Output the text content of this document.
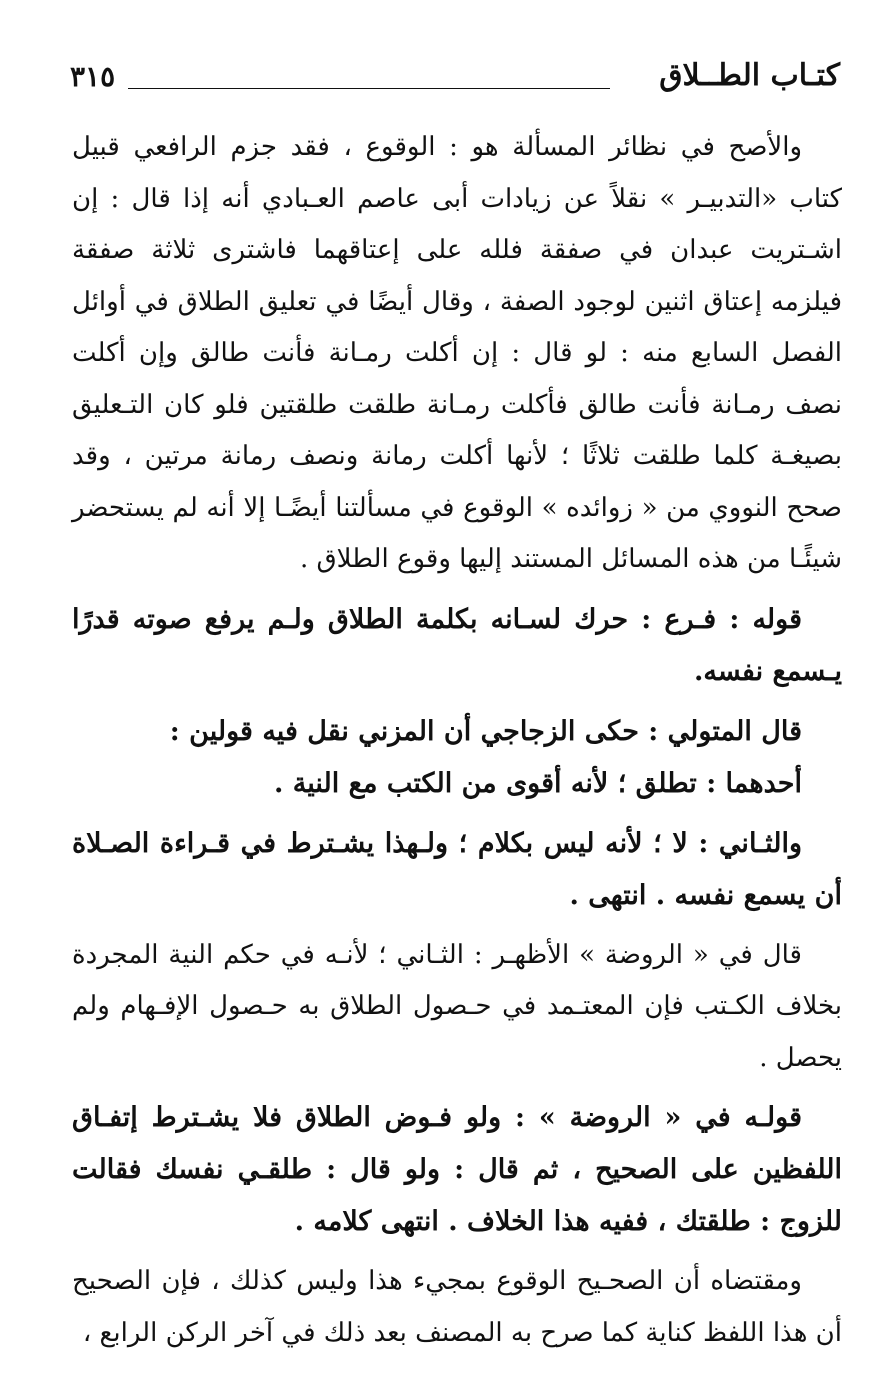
كتـاب الطــلاق
٣١٥

والأصح في نظائر المسألة هو : الوقوع ، فقد جزم الرافعي قبيل كتاب «التدبيـر » نقلاً عن زيادات أبى عاصم العـبادي أنه إذا قال : إن اشـتريت عبدان في صفقة فلله على إعتاقهما فاشترى ثلاثة صفقة فيلزمه إعتاق اثنين لوجود الصفة ، وقال أيضًا في تعليق الطلاق في أوائل الفصل السابع منه : لو قال : إن أكلت رمـانة فأنت طالق وإن أكلت نصف رمـانة فأنت طالق فأكلت رمـانة طلقت طلقتين فلو كان التـعليق بصيغـة كلما طلقت ثلاثًا ؛ لأنها أكلت رمانة ونصف رمانة مرتين ، وقد صحح النووي من « زوائده » الوقوع في مسألتنا أيضًـا إلا أنه لم يستحضر شيئًـا من هذه المسائل المستند إليها وقوع الطلاق .

قوله : فـرع : حرك لسـانه بكلمة الطلاق ولـم يرفع صوته قدرًا يـسمع نفسه.

قال المتولي : حكى الزجاجي أن المزني نقل فيه قولين :

أحدهما : تطلق ؛ لأنه أقوى من الكتب مع النية .

والثـاني : لا ؛ لأنه ليس بكلام ؛ ولـهذا يشـترط في قـراءة الصـلاة أن يسمع نفسه . انتهى .

قال في « الروضة » الأظهـر : الثـاني ؛ لأنـه في حكم النية المجردة بخلاف الكـتب فإن المعتـمد في حـصول الطلاق به حـصول الإفـهام ولم يحصل .

قولـه في « الروضة » : ولو فـوض الطلاق فلا يشـترط إتفـاق اللفظين على الصحيح ، ثم قال : ولو قال : طلقـي نفسك فقالت للزوج : طلقتك ، ففيه هذا الخلاف . انتهى كلامه .

ومقتضاه أن الصحـيح الوقوع بمجيء هذا وليس كذلك ، فإن الصحيح أن هذا اللفظ كناية كما صرح به المصنف بعد ذلك في آخر الركن الرابع ،
